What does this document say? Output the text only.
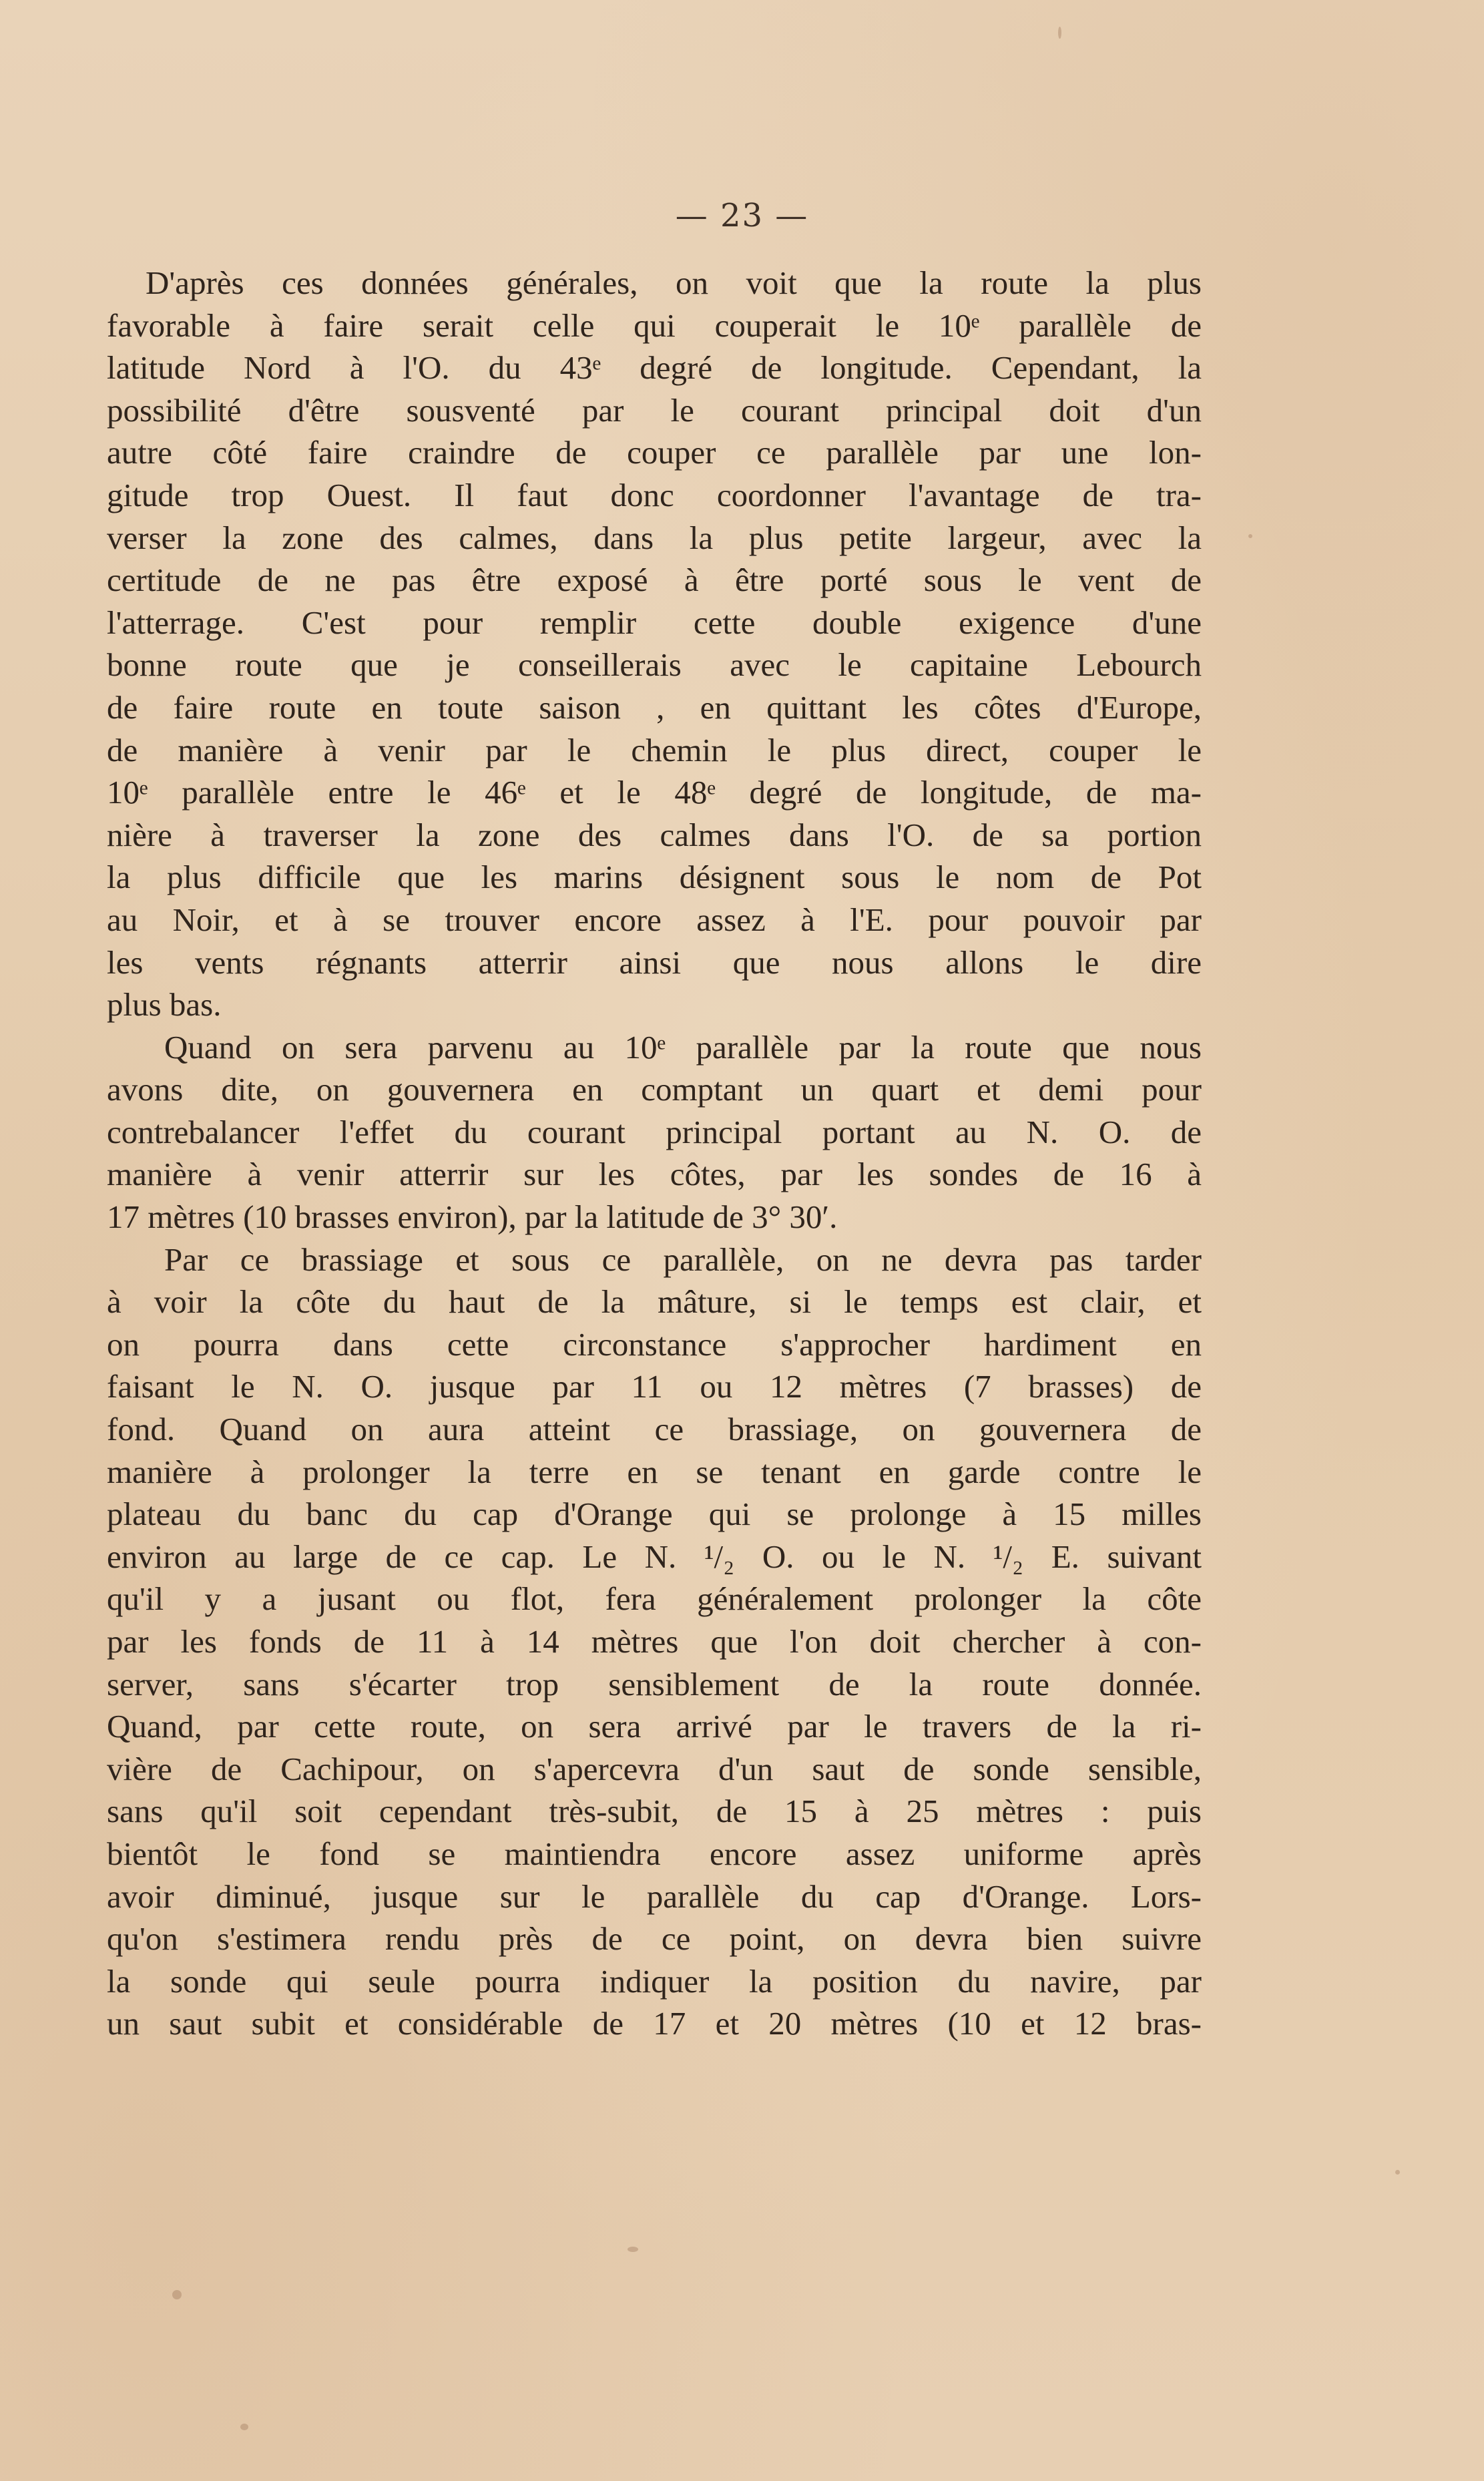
— 23 —

D'après ces données générales, on voit que la route la plus
favorable à faire serait celle qui couperait le 10ᵉ parallèle de
latitude Nord à l'O. du 43ᵉ degré de longitude. Cependant, la
possibilité d'être sousventé par le courant principal doit d'un
autre côté faire craindre de couper ce parallèle par une lon-
gitude trop Ouest. Il faut donc coordonner l'avantage de tra-
verser la zone des calmes, dans la plus petite largeur, avec la
certitude de ne pas être exposé à être porté sous le vent de
l'atterrage. C'est pour remplir cette double exigence d'une
bonne route que je conseillerais avec le capitaine Lebourch
de faire route en toute saison , en quittant les côtes d'Europe,
de manière à venir par le chemin le plus direct, couper le
10ᵉ parallèle entre le 46ᵉ et le 48ᵉ degré de longitude, de ma-
nière à traverser la zone des calmes dans l'O. de sa portion
la plus difficile que les marins désignent sous le nom de Pot
au Noir, et à se trouver encore assez à l'E. pour pouvoir par
les vents régnants atterrir ainsi que nous allons le dire
plus bas.

Quand on sera parvenu au 10ᵉ parallèle par la route que nous
avons dite, on gouvernera en comptant un quart et demi pour
contrebalancer l'effet du courant principal portant au N. O. de
manière à venir atterrir sur les côtes, par les sondes de 16 à
17 mètres (10 brasses environ), par la latitude de 3° 30′.

Par ce brassiage et sous ce parallèle, on ne devra pas tarder
à voir la côte du haut de la mâture, si le temps est clair, et
on pourra dans cette circonstance s'approcher hardiment en
faisant le N. O. jusque par 11 ou 12 mètres (7 brasses) de
fond. Quand on aura atteint ce brassiage, on gouvernera de
manière à prolonger la terre en se tenant en garde contre le
plateau du banc du cap d'Orange qui se prolonge à 15 milles
environ au large de ce cap. Le N. ¹/₂ O. ou le N. ¹/₂ E. suivant
qu'il y a jusant ou flot, fera généralement prolonger la côte
par les fonds de 11 à 14 mètres que l'on doit chercher à con-
server, sans s'écarter trop sensiblement de la route donnée.
Quand, par cette route, on sera arrivé par le travers de la ri-
vière de Cachipour, on s'apercevra d'un saut de sonde sensible,
sans qu'il soit cependant très-subit, de 15 à 25 mètres : puis
bientôt le fond se maintiendra encore assez uniforme après
avoir diminué, jusque sur le parallèle du cap d'Orange. Lors-
qu'on s'estimera rendu près de ce point, on devra bien suivre
la sonde qui seule pourra indiquer la position du navire, par
un saut subit et considérable de 17 et 20 mètres (10 et 12 bras-
